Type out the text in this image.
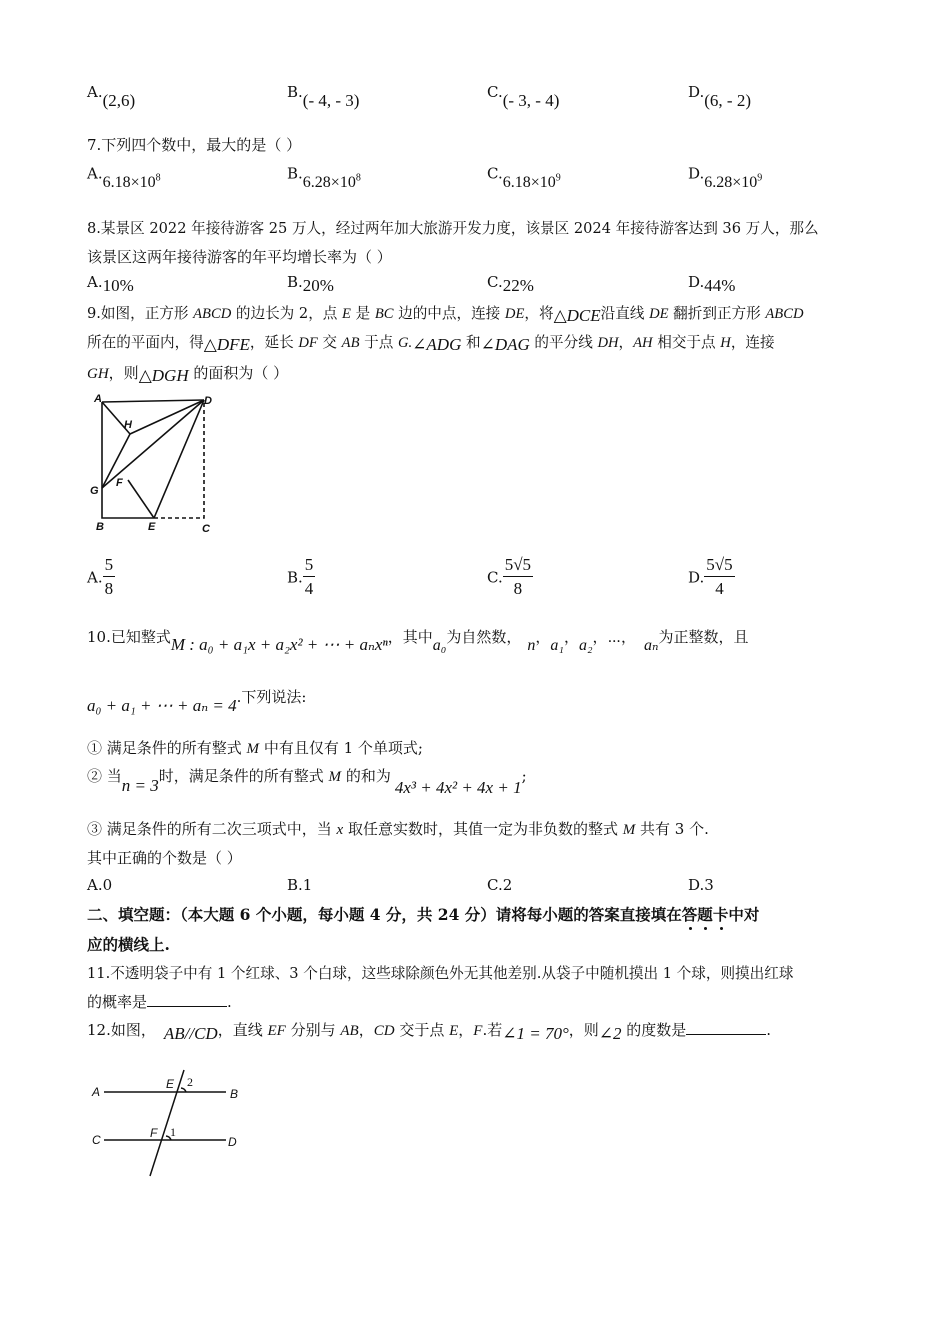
A.(2,6)	B.(- 4, - 3)	C.(- 3, - 4)	D.(6, - 2)
7.下列四个数中，最大的是（ ）
$A.6.18\times 10^8$	$B.6.28\times 10^8$	$C.6.18\times 10^9$	$D.6.28\times 10^9$
8.某景区 2022 年接待游客 25 万人，经过两年加大旅游开发力度，该景区 2024 年接待游客达到 36 万人，那么
该景区这两年接待游客的年平均增长率为（ ）
A.10%	B.20%	C.22%	D.44%
9.如图，正方形 ABCD 的边长为 2，点 E 是 BC 边的中点，连接 DE，将△DCE沿直线 DE 翻折到正方形 ABCD
所在的平面内，得△DFE，延长 DF 交 AB 于点 G.∠ADG 和∠DAG 的平分线 DH，AH 相交于点 H，连接
GH，则△DGH 的面积为（ ）
A	D
H
G
F
B	E	C
A. $\frac{5}{8}$	B. $\frac{5}{4}$	C. $\frac{5√5}{8}$	D. $\frac{5√5}{4}$
10.已知整式M : a₀ + a₁x + a₂x² + ⋯ + aₙxⁿ，其中a₀为自然数， n，a₁，a₂，⋯， aₙ为正整数，且
a₀ + a₁ + ⋯ + aₙ = 4.下列说法:
① 满足条件的所有整式 M 中有且仅有 1 个单项式;
② 当n = 3时，满足条件的所有整式 M 的和为4x³ + 4x² + 4x + 1;
③ 满足条件的所有二次三项式中，当 x 取任意实数时，其值一定为非负数的整式 M 共有 3 个.
其中正确的个数是（ ）
A.0	B.1	C.2	D.3
二、填空题：（本大题 6 个小题，每小题 4 分，共 24 分）请将每小题的答案直接填在答题卡中对
应的横线上.
11.不透明袋子中有 1 个红球、3 个白球，这些球除颜色外无其他差别.从袋子中随机摸出 1 个球，则摸出红球
的概率是	.
12.如图， AB//CD，直线 EF 分别与 AB，CD 交于点 E，F.若∠1 = 70°，则∠2 的度数是	.
A	B
C	D
E
F
2
1
